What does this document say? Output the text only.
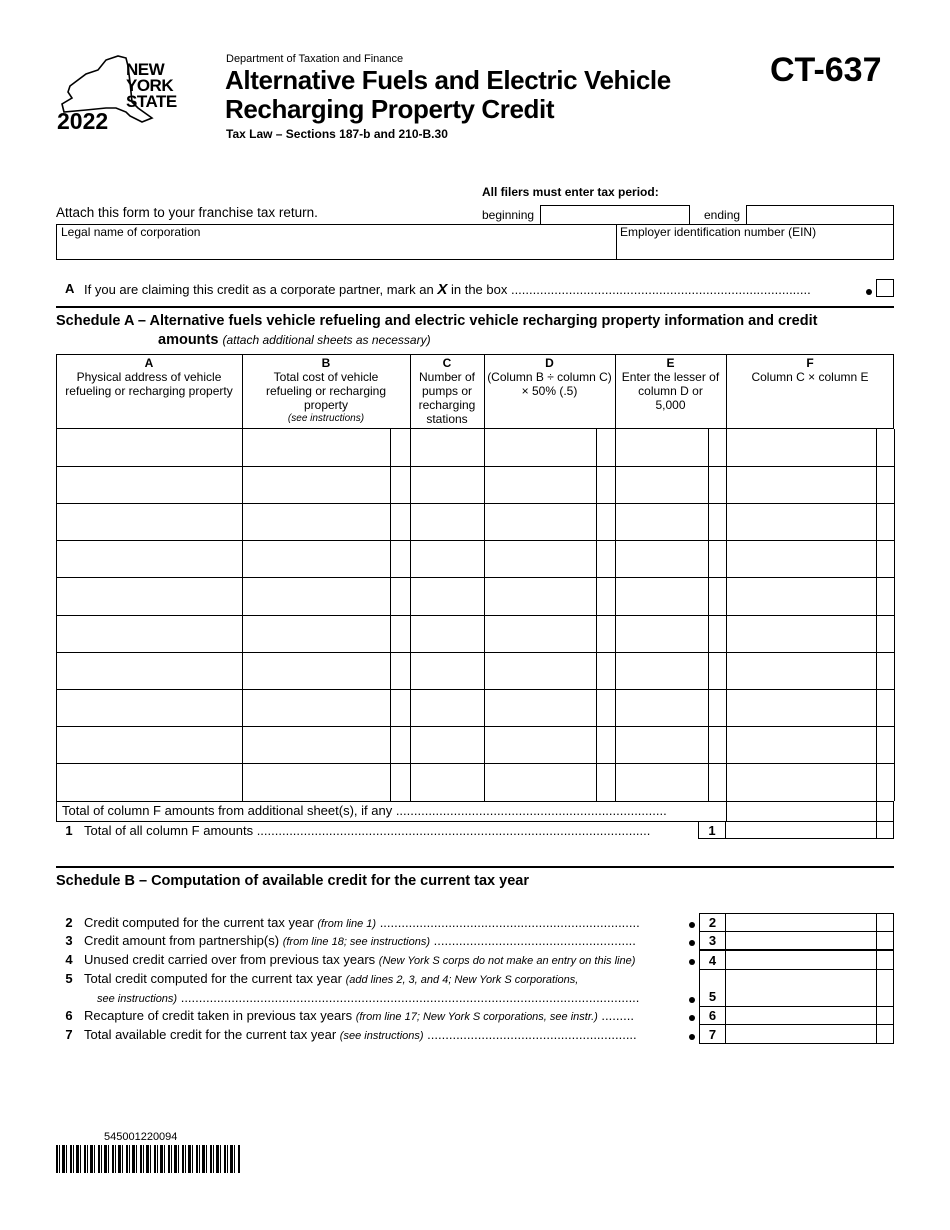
NEW
YORK
STATE
2022
Department of Taxation and Finance
Alternative Fuels and Electric Vehicle
Recharging Property Credit
Tax Law – Sections 187-b and 210-B.30
CT-637
All filers must enter tax period:
Attach this form to your franchise tax return.	beginning	ending
Legal name of corporation	Employer identification number (EIN)
A If you are claiming this credit as a corporate partner, mark an X in the box ...................................................................................
Schedule A – Alternative fuels vehicle refueling and electric vehicle recharging property information and credit
amounts (attach additional sheets as necessary)
A
Physical address of vehicle
refueling or recharging property
B
Total cost of vehicle
refueling or recharging
property
(see instructions)
C
Number of
pumps or
recharging
stations
D
(Column B ÷ column C)
× 50% (.5)
E
Enter the lesser of
column D or
5,000
F
Column C × column E
Total of column F amounts from additional sheet(s), if any ...........................................................................
1 Total of all column F amounts .............................................................................................................	1
Schedule B – Computation of available credit for the current tax year
2 Credit computed for the current tax year (from line 1) ........................................................................	2
3 Credit amount from partnership(s) (from line 18; see instructions) ........................................................	3
4 Unused credit carried over from previous tax years (New York S corps do not make an entry on this line)	4
5 Total credit computed for the current tax year (add lines 2, 3, and 4; New York S corporations,
see instructions) ...............................................................................................................................	5
6 Recapture of credit taken in previous tax years (from line 17; New York S corporations, see instr.) .........	6
7 Total available credit for the current tax year (see instructions) ..........................................................	7
545001220094
